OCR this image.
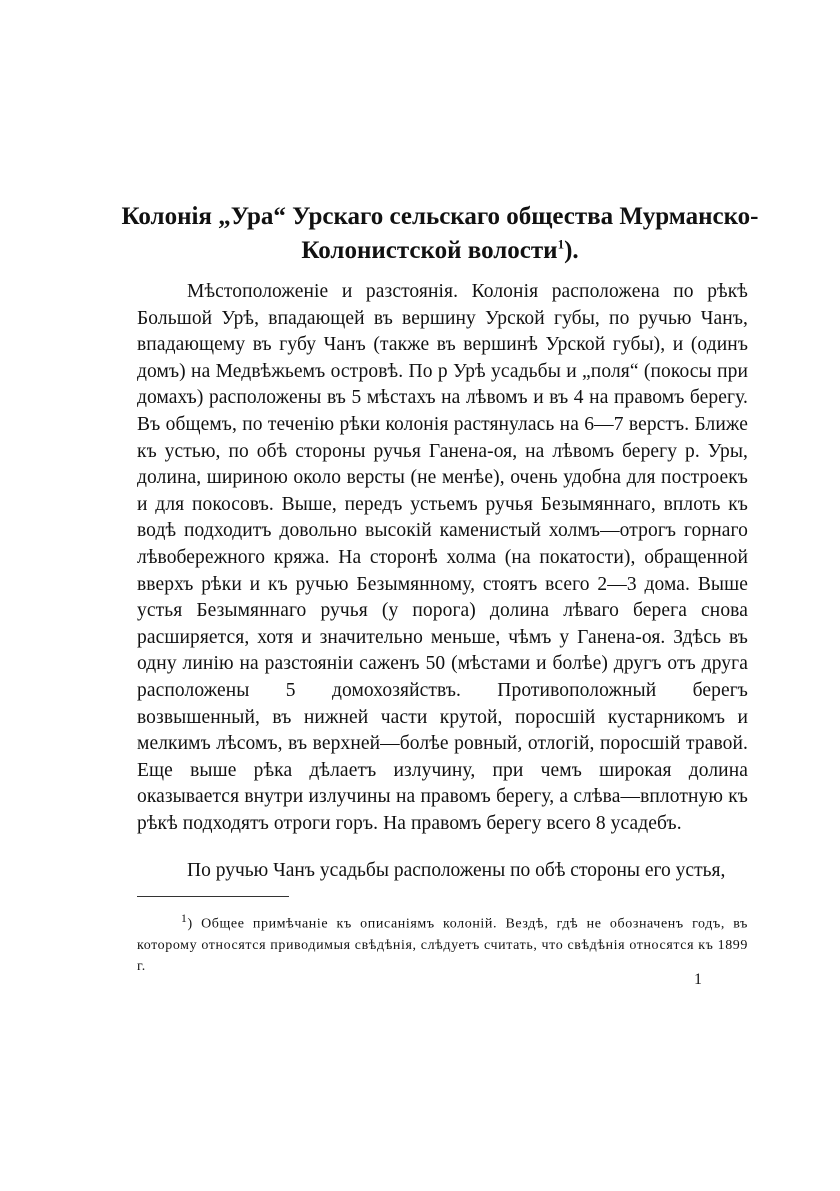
Колонія „Ура“ Урскаго сельскаго общества Мурманско-Колонистской волости$^1$).

Мѣстоположеніе и разстоянія. Колонія расположена по рѣкѣ Большой Урѣ, впадающей въ вершину Урской губы, по ручью Чанъ, впадающему въ губу Чанъ (также въ вершинѣ Урской губы), и (одинъ домъ) на Медвѣжьемъ островѣ. По р Урѣ усадьбы и „поля“ (покосы при домахъ) расположены въ 5 мѣстахъ на лѣвомъ и въ 4 на правомъ берегу. Въ общемъ, по теченію рѣки колонія растянулась на 6—7 верстъ. Ближе къ устью, по обѣ стороны ручья Ганена-оя, на лѣвомъ берегу р. Уры, долина, шириною около версты (не менѣе), очень удобна для построекъ и для покосовъ. Выше, передъ устьемъ ручья Безымяннаго, вплоть къ водѣ подходитъ довольно высокій каменистый холмъ—отрогъ горнаго лѣвобережного кряжа. На сторонѣ холма (на покатости), обращенной вверхъ рѣки и къ ручью Безымянному, стоятъ всего 2—3 дома. Выше устья Безымяннаго ручья (у порога) долина лѣваго берега снова расширяется, хотя и значительно меньше, чѣмъ у Ганена-оя. Здѣсь въ одну линію на разстояніи саженъ 50 (мѣстами и болѣе) другъ отъ друга расположены 5 домохозяйствъ. Противоположный берегъ возвышенный, въ нижней части крутой, поросшій кустарникомъ и мелкимъ лѣсомъ, въ верхней—болѣе ровный, отлогій, поросшій травой. Еще выше рѣка дѣлаетъ излучину, при чемъ широкая долина оказывается внутри излучины на правомъ берегу, а слѣва—вплотную къ рѣкѣ подходятъ отроги горъ. На правомъ берегу всего 8 усадебъ.

По ручью Чанъ усадьбы расположены по обѣ стороны его устья,

$^1$) Общее примѣчаніе къ описаніямъ колоній. Вездѣ, гдѣ не обозначенъ годъ, въ которому относятся приводимыя свѣдѣнія, слѣдуетъ считать, что свѣдѣнія относятся къ 1899 г.

1
